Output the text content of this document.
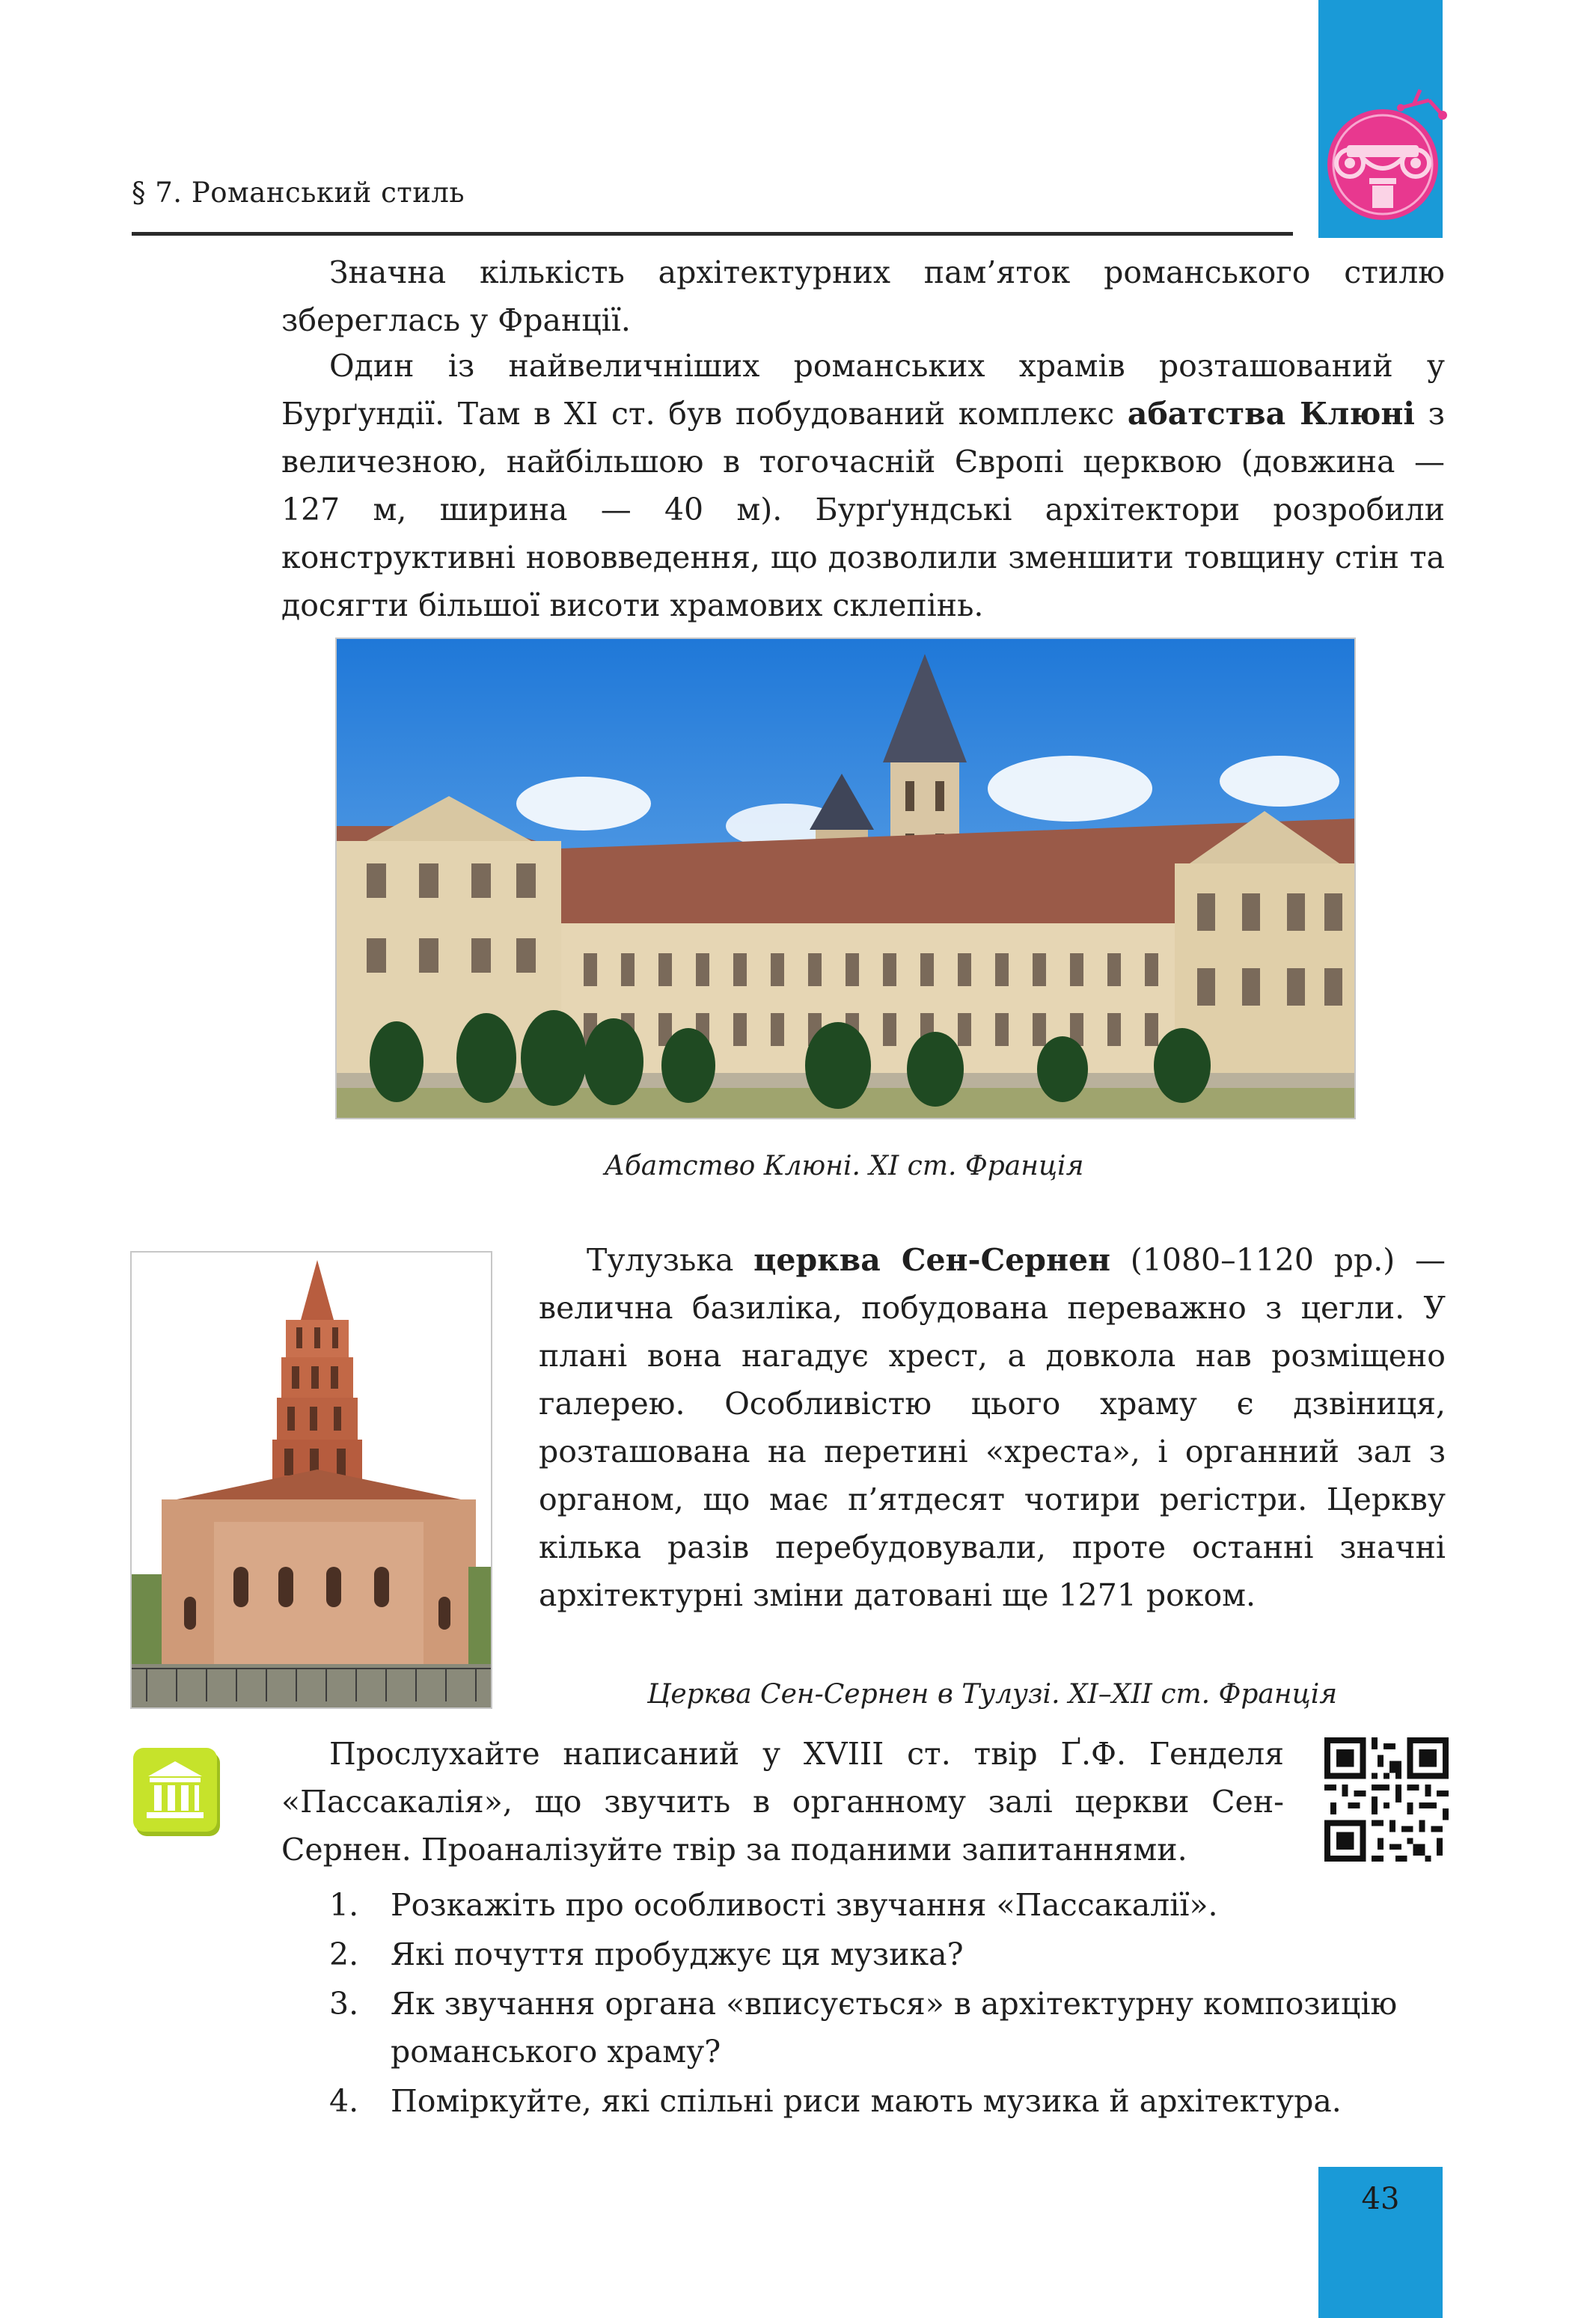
§ 7. Романський стиль

Значна кількість архітектурних пам’яток романського стилю збереглась у Франції.

Один із найвеличніших романських храмів розташований у Бурґундії. Там в ХІ ст. був побудований комплекс абатства Клюні з величезною, найбільшою в тогочасній Європі церквою (довжина — 127 м, ширина — 40 м). Бурґундські архітектори розробили конструктивні нововведення, що дозволили зменшити товщину стін та досягти більшої висоти храмових склепінь.

Абатство Клюні. ХІ ст. Франція

Тулузька церква Сен-Сернен (1080–1120 рр.) — велична базиліка, побудована переважно з цегли. У плані вона нагадує хрест, а довкола нав розміщено галерею. Особливістю цього храму є дзвіниця, розташована на перетині «хреста», і органний зал з органом, що має п’ятдесят чотири регістри. Церкву кілька разів перебудовували, проте останні значні архітектурні зміни датовані ще 1271 роком.

Церква Сен-Сернен в Тулузі. ХІ–ХІІ ст. Франція

Прослухайте написаний у XVIII ст. твір Ґ.Ф. Генделя «Пассакалія», що звучить в органному залі церкви Сен-Сернен. Проаналізуйте твір за поданими запитаннями.

1. Розкажіть про особливості звучання «Пассакалії».
2. Які почуття пробуджує ця музика?
3. Як звучання органа «вписується» в архітектурну композицію романського храму?
4. Поміркуйте, які спільні риси мають музика й архітектура.
43
